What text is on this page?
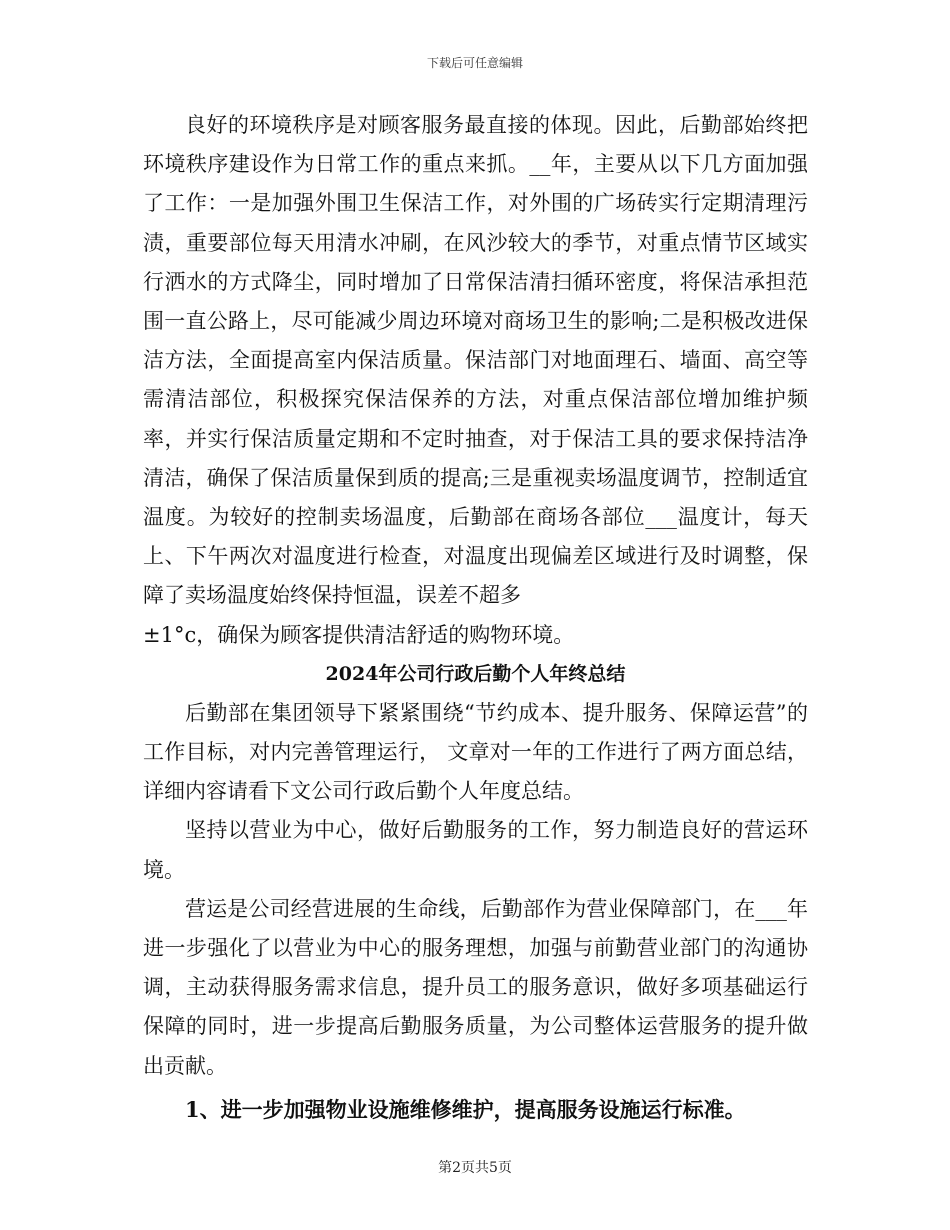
下载后可任意编辑

良好的环境秩序是对顾客服务最直接的体现。因此，后勤部始终把环境秩序建设作为日常工作的重点来抓。__年，主要从以下几方面加强了工作：一是加强外围卫生保洁工作，对外围的广场砖实行定期清理污渍，重要部位每天用清水冲刷，在风沙较大的季节，对重点情节区域实行洒水的方式降尘，同时增加了日常保洁清扫循环密度，将保洁承担范围一直公路上，尽可能减少周边环境对商场卫生的影响;二是积极改进保洁方法，全面提高室内保洁质量。保洁部门对地面理石、墙面、高空等需清洁部位，积极探究保洁保养的方法，对重点保洁部位增加维护频率，并实行保洁质量定期和不定时抽查，对于保洁工具的要求保持洁净清洁，确保了保洁质量保到质的提高;三是重视卖场温度调节，控制适宜温度。为较好的控制卖场温度，后勤部在商场各部位___温度计，每天上、下午两次对温度进行检查，对温度出现偏差区域进行及时调整，保障了卖场温度始终保持恒温，误差不超多

±1°c，确保为顾客提供清洁舒适的购物环境。

2024年公司行政后勤个人年终总结

后勤部在集团领导下紧紧围绕“节约成本、提升服务、保障运营”的工作目标，对内完善管理运行， 文章对一年的工作进行了两方面总结，详细内容请看下文公司行政后勤个人年度总结。

坚持以营业为中心，做好后勤服务的工作，努力制造良好的营运环境。

营运是公司经营进展的生命线，后勤部作为营业保障部门，在___年进一步强化了以营业为中心的服务理想，加强与前勤营业部门的沟通协调，主动获得服务需求信息，提升员工的服务意识，做好多项基础运行保障的同时，进一步提高后勤服务质量，为公司整体运营服务的提升做出贡献。

1、进一步加强物业设施维修维护，提高服务设施运行标准。

第2页共5页
